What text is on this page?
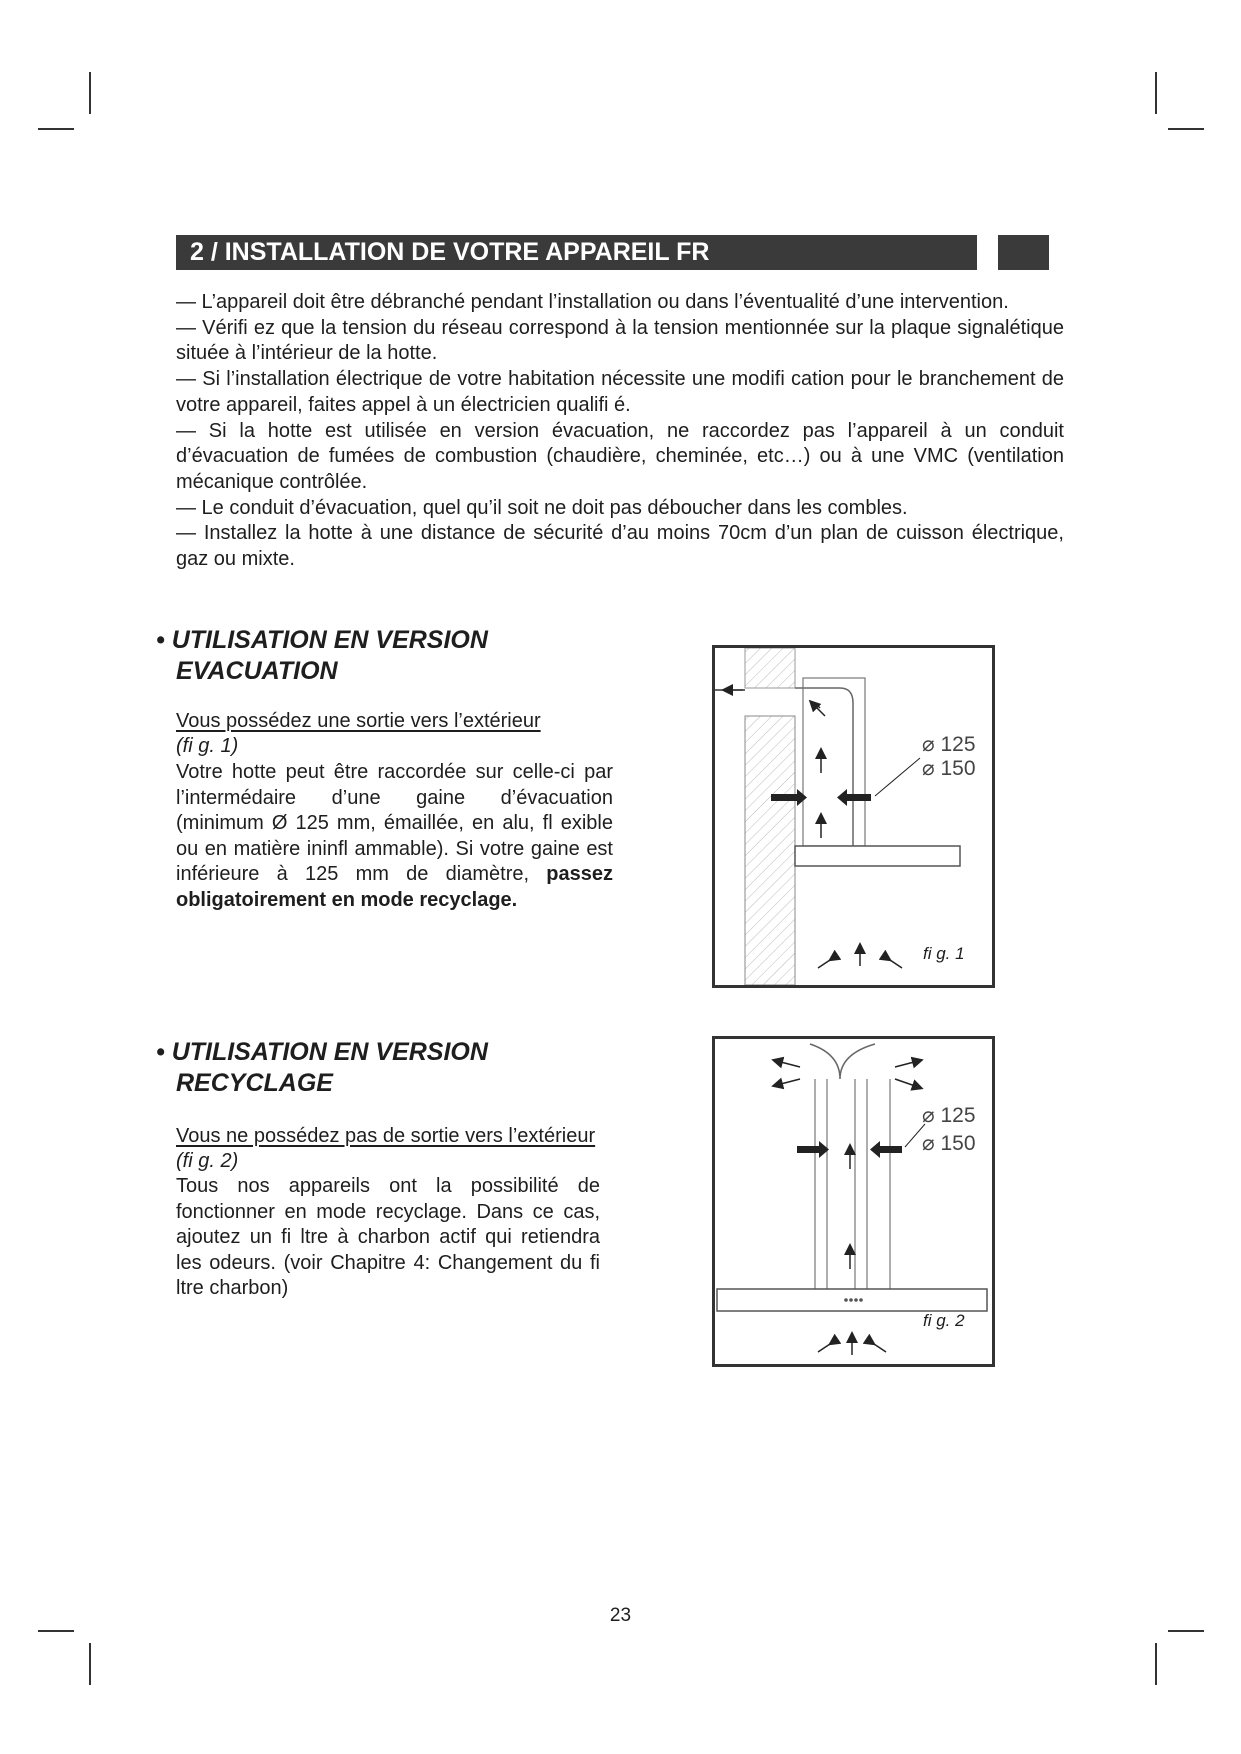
2 / INSTALLATION DE VOTRE APPAREIL FR

— L’appareil doit être débranché pendant l’installation ou dans l’éventualité d’une intervention.

— Vérifi ez que la tension du réseau correspond à la tension mentionnée sur la plaque signalétique située à l’intérieur de la hotte.

— Si l’installation électrique de votre habitation nécessite une modifi cation pour le branchement de votre appareil, faites appel à un électricien qualifi é.

— Si la hotte est utilisée en version évacuation, ne raccordez pas l’appareil à un conduit d’évacuation de fumées de combustion (chaudière, cheminée, etc…) ou à une VMC (ventilation mécanique contrôlée.

— Le conduit d’évacuation, quel qu’il soit ne doit pas déboucher dans les combles.

— Installez la hotte à une distance de sécurité d’au moins 70cm d’un plan de cuisson électrique, gaz ou mixte.

• UTILISATION EN VERSION
EVACUATION
Vous possédez une sortie vers l’extérieur
(fi g. 1)
Votre hotte peut être raccordée sur celle-ci par l’intermédaire d’une gaine d’évacuation (minimum Ø 125 mm, émaillée, en alu, fl exible ou en matière ininfl ammable). Si votre gaine est inférieure à 125 mm de diamètre, passez obligatoirement en mode recyclage.
⌀ 125
⌀ 150
fi g. 1
• UTILISATION EN VERSION
RECYCLAGE
Vous ne possédez pas de sortie vers l’extérieur
(fi g. 2)
Tous nos appareils ont la possibilité de fonctionner en mode recyclage. Dans ce cas, ajoutez un fi ltre à charbon actif qui retiendra les odeurs. (voir Chapitre 4: Changement du fi ltre charbon)
⌀ 125
⌀ 150
fi g. 2
23
